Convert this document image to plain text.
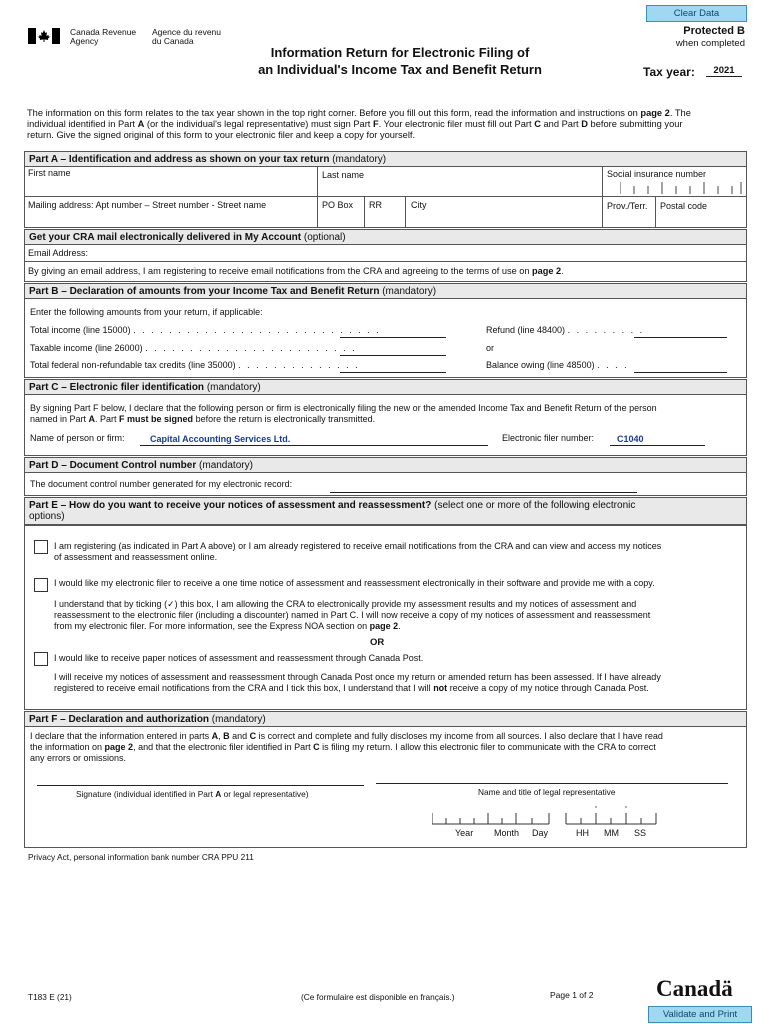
Clear Data
Canada Revenue
Agency
Agence du revenu
du Canada
Information Return for Electronic Filing of
an Individual's Income Tax and Benefit Return
Protected B
when completed
Tax year:	2021
The information on this form relates to the tax year shown in the top right corner. Before you fill out this form, read the information and instructions on page 2. The
individual identified in Part A (or the individual's legal representative) must sign Part F. Your electronic filer must fill out Part C and Part D before submitting your
return. Give the signed original of this form to your electronic filer and keep a copy for yourself.
Part A – Identification and address as shown on your tax return (mandatory)
First name	Last name	Social insurance number
Mailing address: Apt number – Street number - Street name	PO Box RR	City	Prov./Terr. Postal code
Get your CRA mail electronically delivered in My Account (optional)
Email Address:
By giving an email address, I am registering to receive email notifications from the CRA and agreeing to the terms of use on page 2.
Part B – Declaration of amounts from your Income Tax and Benefit Return (mandatory)
Enter the following amounts from your return, if applicable:
Total income (line 15000) . . . . . . . . . . . . . . . . . . . . . . . . . . . .
Taxable income (line 26000) . . . . . . . . . . . . . . . . . . . . . . . .
Total federal non-refundable tax credits (line 35000) . . . . . . . . . . . . . .
Refund (line 48400) . . . . . . . . .
or
Balance owing (line 48500) . . . .
Part C – Electronic filer identification (mandatory)
By signing Part F below, I declare that the following person or firm is electronically filing the new or the amended Income Tax and Benefit Return of the person
named in Part A. Part F must be signed before the return is electronically transmitted.
Name of person or firm:	Capital Accounting Services Ltd.	Electronic filer number:	C1040
Part D – Document Control number (mandatory)
The document control number generated for my electronic record:
Part E – How do you want to receive your notices of assessment and reassessment? (select one or more of the following electronic
options)
I am registering (as indicated in Part A above) or I am already registered to receive email notifications from the CRA and can view and access my notices
of assessment and reassessment online.
I would like my electronic filer to receive a one time notice of assessment and reassessment electronically in their software and provide me with a copy.
I understand that by ticking (✓) this box, I am allowing the CRA to electronically provide my assessment results and my notices of assessment and
reassessment to the electronic filer (including a discounter) named in Part C. I will now receive a copy of my notices of assessment and reassessment
from my electronic filer. For more information, see the Express NOA section on page 2.
OR
I would like to receive paper notices of assessment and reassessment through Canada Post.
I will receive my notices of assessment and reassessment through Canada Post once my return or amended return has been assessed. If I have already
registered to receive email notifications from the CRA and I tick this box, I understand that I will not receive a copy of my notice through Canada Post.
Part F – Declaration and authorization (mandatory)
I declare that the information entered in parts A, B and C is correct and complete and fully discloses my income from all sources. I also declare that I have read
the information on page 2, and that the electronic filer identified in Part C is filing my return. I allow this electronic filer to communicate with the CRA to correct
any errors or omissions.
Signature (individual identified in Part A or legal representative)	Name and title of legal representative
Year Month Day	HH MM SS
Privacy Act, personal information bank number CRA PPU 211
T183 E (21)	(Ce formulaire est disponible en français.)	Page 1 of 2	Canadä
Validate and Print
